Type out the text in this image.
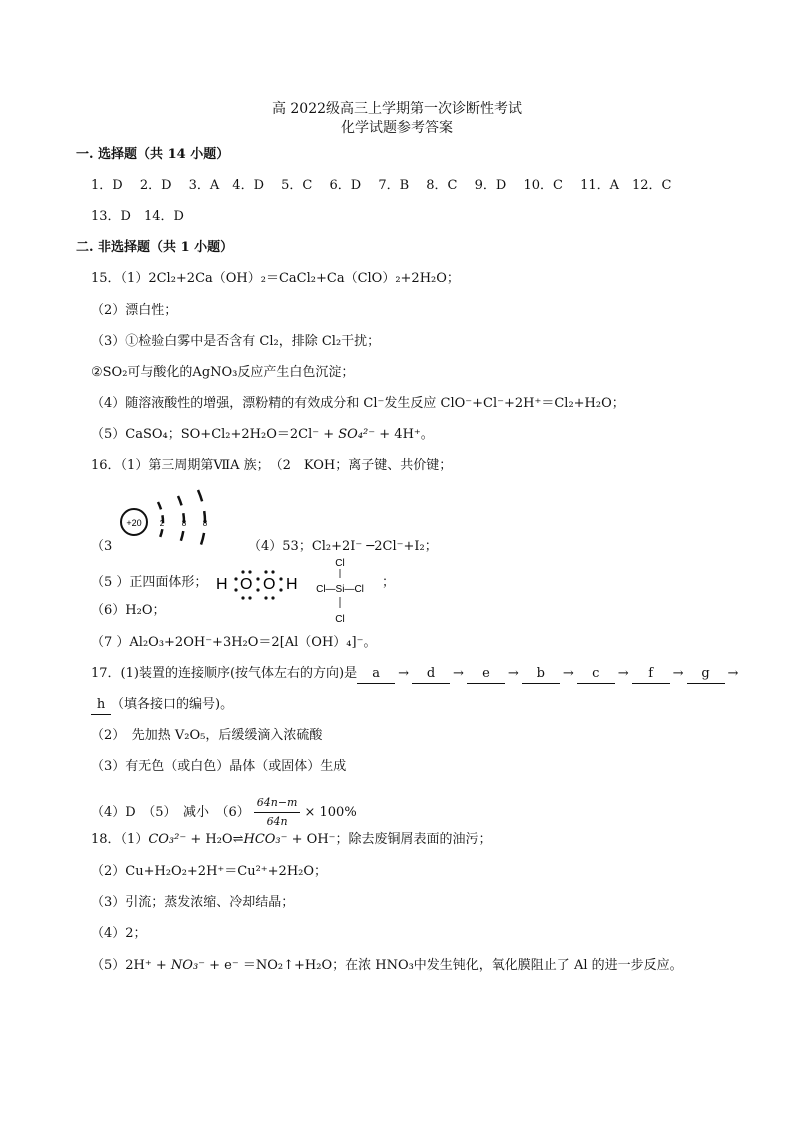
高 2022级高三上学期第一次诊断性考试
化学试题参考答案
一. 选择题（共 14 小题）
1．D　 2．D　 3．A　4．D　 5．C　 6．D　 7．B　 8．C　 9．D　 10．C　 11．A　12．C
13．D　14．D
二. 非选择题（共 1 小题）
15．（1）2Cl₂+2Ca（OH）₂＝CaCl₂+Ca（ClO）₂+2H₂O；
（2）漂白性；
（3）①检验白雾中是否含有 Cl₂，排除 Cl₂干扰；
②SO₂可与酸化的AgNO₃反应产生白色沉淀；
（4）随溶液酸性的增强，漂粉精的有效成分和 Cl⁻发生反应 ClO⁻+Cl⁻+2H⁺＝Cl₂+H₂O；
（5）CaSO₄；SO+Cl₂+2H₂O＝2Cl⁻ + SO₄²⁻ + 4H⁺。
16．（1）第三周期第ⅦA 族；　（2　KOH；离子键、共价键；
（3
+20 2 8 8
（4）53；Cl₂+2I⁻ ─2Cl⁻+I₂；
（5 ）正四面体形； H O O H
Cl
Cl—Si—Cl
Cl
；
（6）H₂O；
（7 ）Al₂O₃+2OH⁻+3H₂O＝2[Al（OH）₄]⁻。
17．(1)装置的连接顺序(按气体左右的方向)是 a → d → e → b → c → f → g →
h （填各接口的编号)。
（2）　先加热 V₂O₅，后缓缓滴入浓硫酸
（3）有无色（或白色）晶体（或固体）生成
（4）D　（5）　减小　$(6) \frac{64n-m}{64n} \times 100\%$
18．（1）CO₃²⁻ + H₂O⇌HCO₃⁻ + OH⁻；除去废铜屑表面的油污；
（2）Cu+H₂O₂+2H⁺＝Cu²⁺+2H₂O；
（3）引流；蒸发浓缩、冷却结晶；
（4）2；
（5）2H⁺ + NO₃⁻ + e⁻ ＝NO₂↑+H₂O；在浓 HNO₃中发生钝化，氧化膜阻止了 Al 的进一步反应。
